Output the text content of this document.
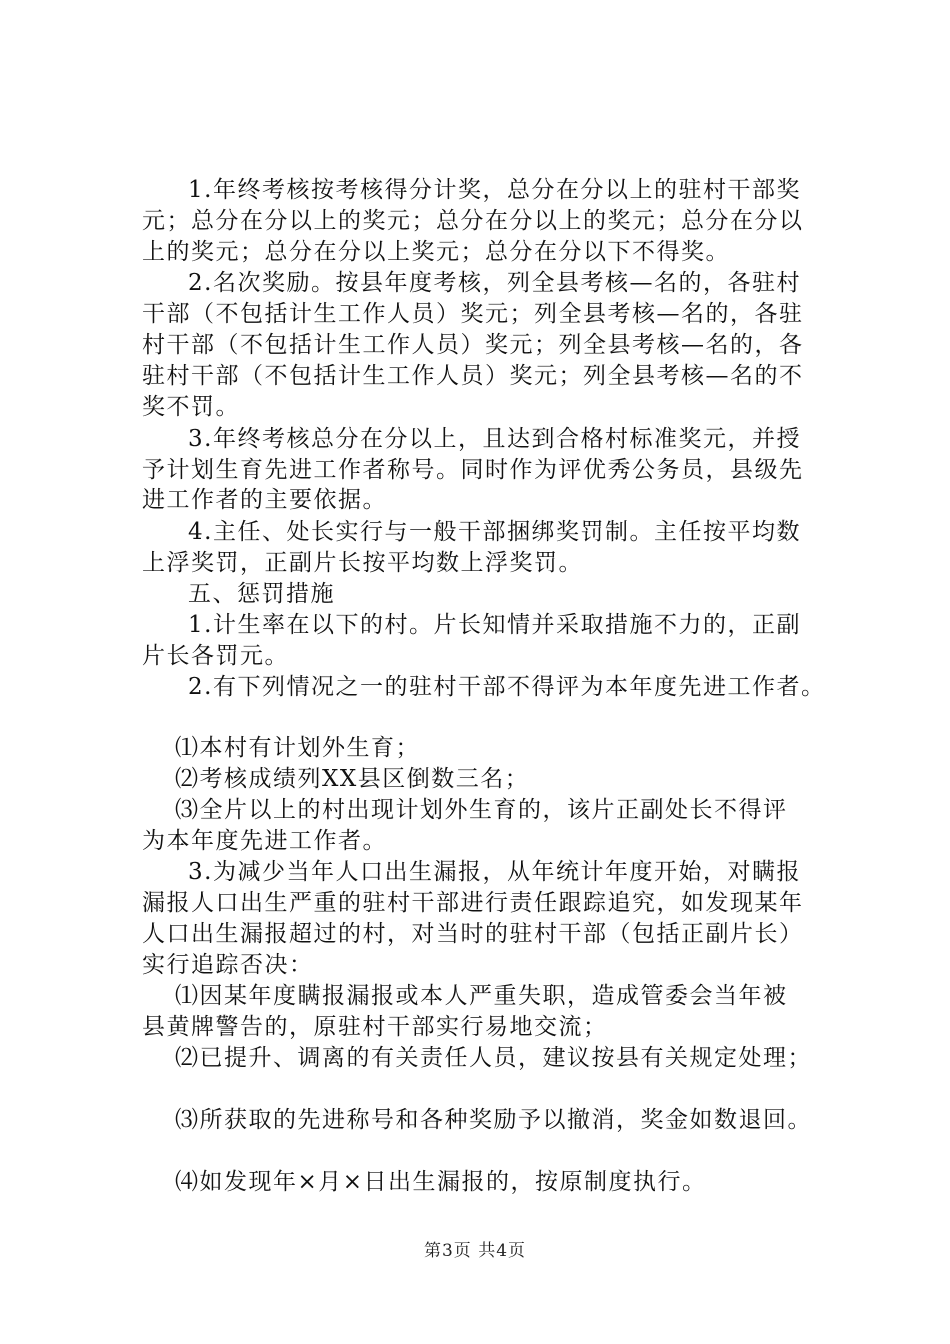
1.年终考核按考核得分计奖，总分在分以上的驻村干部奖
元；总分在分以上的奖元；总分在分以上的奖元；总分在分以
上的奖元；总分在分以上奖元；总分在分以下不得奖。
2.名次奖励。按县年度考核，列全县考核—名的，各驻村
干部（不包括计生工作人员）奖元；列全县考核—名的，各驻
村干部（不包括计生工作人员）奖元；列全县考核—名的，各
驻村干部（不包括计生工作人员）奖元；列全县考核—名的不
奖不罚。
3.年终考核总分在分以上，且达到合格村标准奖元，并授
予计划生育先进工作者称号。同时作为评优秀公务员，县级先
进工作者的主要依据。
4.主任、处长实行与一般干部捆绑奖罚制。主任按平均数
上浮奖罚，正副片长按平均数上浮奖罚。
五、惩罚措施
1.计生率在以下的村。片长知情并采取措施不力的，正副
片长各罚元。
2.有下列情况之一的驻村干部不得评为本年度先进工作者。
⑴本村有计划外生育；
⑵考核成绩列XX县区倒数三名；
⑶全片以上的村出现计划外生育的，该片正副处长不得评
为本年度先进工作者。
3.为减少当年人口出生漏报，从年统计年度开始，对瞒报
漏报人口出生严重的驻村干部进行责任跟踪追究，如发现某年
人口出生漏报超过的村，对当时的驻村干部（包括正副片长）
实行追踪否决：
⑴因某年度瞒报漏报或本人严重失职，造成管委会当年被
县黄牌警告的，原驻村干部实行易地交流；
⑵已提升、调离的有关责任人员，建议按县有关规定处理；
⑶所获取的先进称号和各种奖励予以撤消，奖金如数退回。
⑷如发现年×月×日出生漏报的，按原制度执行。
第3页 共4页
